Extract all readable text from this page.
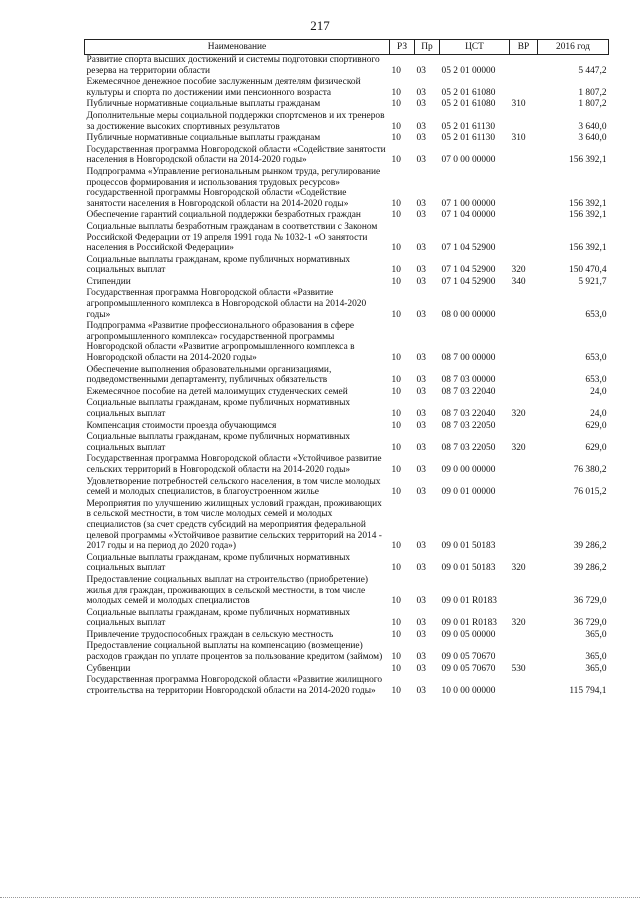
217
Наименование	РЗ	Пр	ЦСТ	ВР	2016 год
Развитие спорта высших достижений и системы подготовки спортивного резерва на территории области	10	03	05 2 01 00000		5 447,2
Ежемесячное денежное пособие заслуженным деятелям физической культуры и спорта по достижении ими пенсионного возраста	10	03	05 2 01 61080		1 807,2
Публичные нормативные социальные выплаты гражданам	10	03	05 2 01 61080	310	1 807,2
Дополнительные меры социальной поддержки спортсменов и их тренеров за достижение высоких спортивных результатов	10	03	05 2 01 61130		3 640,0
Публичные нормативные социальные выплаты гражданам	10	03	05 2 01 61130	310	3 640,0
Государственная программа Новгородской области «Содействие занятости населения в Новгородской области на 2014-2020 годы»	10	03	07 0 00 00000		156 392,1
Подпрограмма «Управление региональным рынком труда, регулирование процессов формирования и использования трудовых ресурсов» государственной программы Новгородской области «Содействие занятости населения в Новгородской области на 2014-2020 годы»	10	03	07 1 00 00000		156 392,1
Обеспечение гарантий социальной поддержки безработных граждан	10	03	07 1 04 00000		156 392,1
Социальные выплаты безработным гражданам в соответствии с Законом Российской Федерации от 19 апреля 1991 года № 1032-1 «О занятости населения в Российской Федерации»	10	03	07 1 04 52900		156 392,1
Социальные выплаты гражданам, кроме публичных нормативных социальных выплат	10	03	07 1 04 52900	320	150 470,4
Стипендии	10	03	07 1 04 52900	340	5 921,7
Государственная программа Новгородской области «Развитие агропромышленного комплекса в Новгородской области на 2014-2020 годы»	10	03	08 0 00 00000		653,0
Подпрограмма «Развитие профессионального образования в сфере агропромышленного комплекса» государственной программы Новгородской области «Развитие агропромышленного комплекса в Новгородской области на 2014-2020 годы»	10	03	08 7 00 00000		653,0
Обеспечение выполнения образовательными организациями, подведомственными департаменту, публичных обязательств	10	03	08 7 03 00000		653,0
Ежемесячное пособие на детей малоимущих студенческих семей	10	03	08 7 03 22040		24,0
Социальные выплаты гражданам, кроме публичных нормативных социальных выплат	10	03	08 7 03 22040	320	24,0
Компенсация стоимости проезда обучающимся	10	03	08 7 03 22050		629,0
Социальные выплаты гражданам, кроме публичных нормативных социальных выплат	10	03	08 7 03 22050	320	629,0
Государственная программа Новгородской области «Устойчивое развитие сельских территорий в Новгородской области на 2014-2020 годы»	10	03	09 0 00 00000		76 380,2
Удовлетворение потребностей сельского населения, в том числе молодых семей и молодых специалистов, в благоустроенном жилье	10	03	09 0 01 00000		76 015,2
Мероприятия по улучшению жилищных условий граждан, проживающих в сельской местности, в том числе молодых семей и молодых специалистов (за счет средств субсидий на мероприятия федеральной целевой программы «Устойчивое развитие сельских территорий на 2014 - 2017 годы и на период до 2020 года»)	10	03	09 0 01 50183		39 286,2
Социальные выплаты гражданам, кроме публичных нормативных социальных выплат	10	03	09 0 01 50183	320	39 286,2
Предоставление социальных выплат на строительство (приобретение) жилья для граждан, проживающих в сельской местности, в том числе молодых семей и молодых специалистов	10	03	09 0 01 R0183		36 729,0
Социальные выплаты гражданам, кроме публичных нормативных социальных выплат	10	03	09 0 01 R0183	320	36 729,0
Привлечение трудоспособных граждан в сельскую местность	10	03	09 0 05 00000		365,0
Предоставление социальной выплаты на компенсацию (возмещение) расходов граждан по уплате процентов за пользование кредитом (займом)	10	03	09 0 05 70670		365,0
Субвенции	10	03	09 0 05 70670	530	365,0
Государственная программа Новгородской области «Развитие жилищного строительства на территории Новгородской области на 2014-2020 годы»	10	03	10 0 00 00000		115 794,1
